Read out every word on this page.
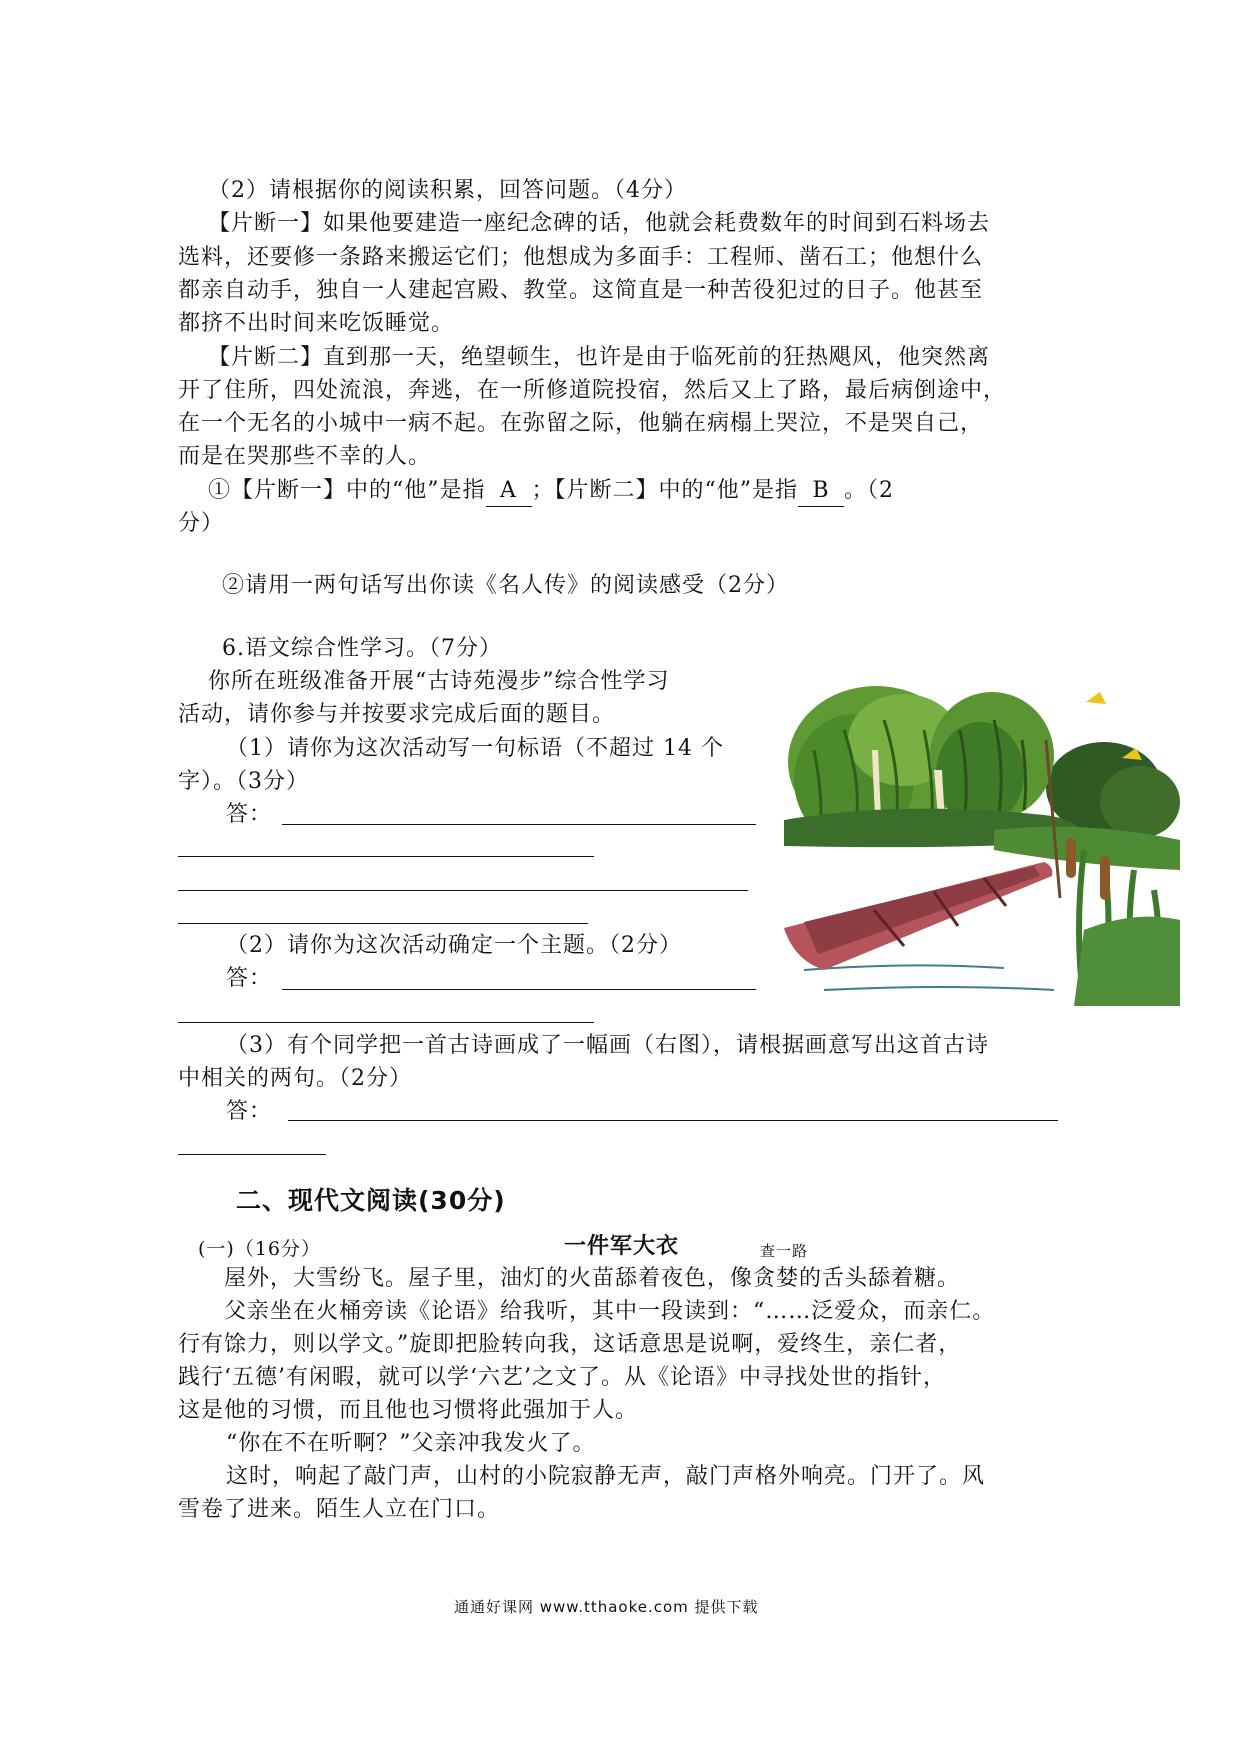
（2）请根据你的阅读积累，回答问题。（4分）
【片断一】如果他要建造一座纪念碑的话，他就会耗费数年的时间到石料场去
选料，还要修一条路来搬运它们；他想成为多面手：工程师、凿石工；他想什么
都亲自动手，独自一人建起宫殿、教堂。这简直是一种苦役犯过的日子。他甚至
都挤不出时间来吃饭睡觉。
【片断二】直到那一天，绝望顿生，也许是由于临死前的狂热飓风，他突然离
开了住所，四处流浪，奔逃，在一所修道院投宿，然后又上了路，最后病倒途中，
在一个无名的小城中一病不起。在弥留之际，他躺在病榻上哭泣，不是哭自己，
而是在哭那些不幸的人。
①【片断一】中的“他”是指 A ；【片断二】中的“他”是指 B 。（2
分）
②请用一两句话写出你读《名人传》的阅读感受（2分）
6.语文综合性学习。（7分）
你所在班级准备开展“古诗苑漫步”综合性学习
活动，请你参与并按要求完成后面的题目。
（1）请你为这次活动写一句标语（不超过 14 个
字）。（3分）
答：
（2）请你为这次活动确定一个主题。（2分）
答：
（3）有个同学把一首古诗画成了一幅画（右图），请根据画意写出这首古诗
中相关的两句。（2分）
答：
二、现代文阅读(30分)
(一)（16分）	一件军大衣	查一路
屋外，大雪纷飞。屋子里，油灯的火苗舔着夜色，像贪婪的舌头舔着糖。
父亲坐在火桶旁读《论语》给我听，其中一段读到：“……泛爱众，而亲仁。
行有馀力，则以学文。”旋即把脸转向我，这话意思是说啊，爱终生，亲仁者，
践行‘五德’有闲暇，就可以学‘六艺’之文了。从《论语》中寻找处世的指针，
这是他的习惯，而且他也习惯将此强加于人。
“你在不在听啊？”父亲冲我发火了。
这时，响起了敲门声，山村的小院寂静无声，敲门声格外响亮。门开了。风
雪卷了进来。陌生人立在门口。
通通好课网 www.tthaoke.com 提供下载
